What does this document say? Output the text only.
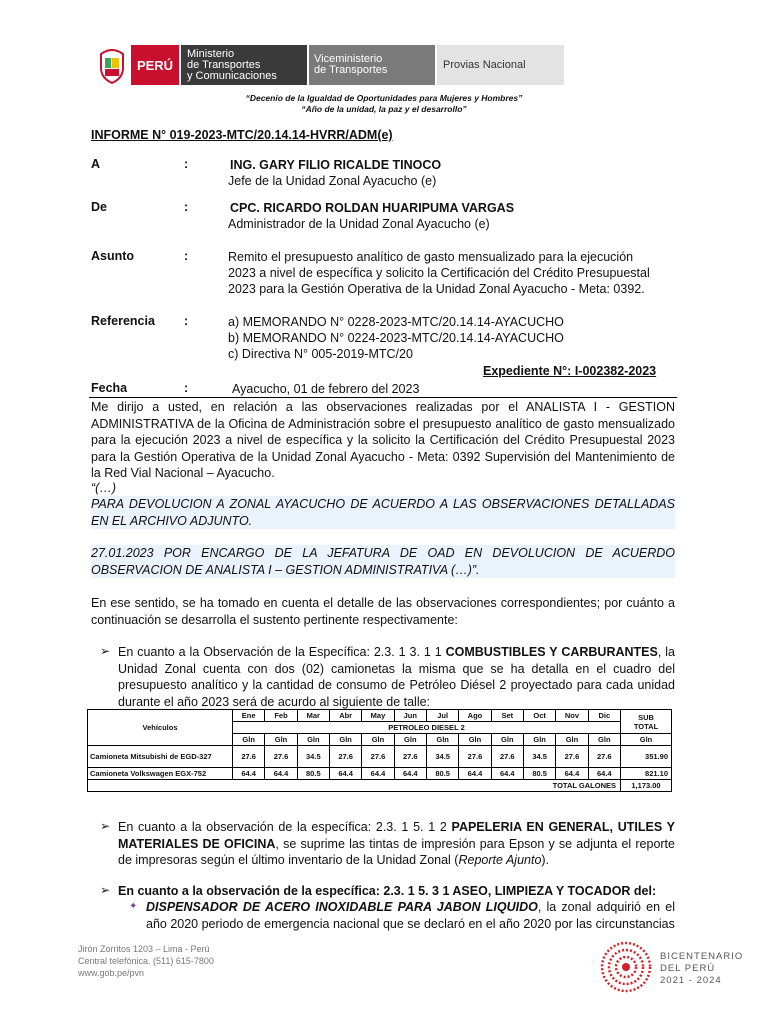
PERÚ
Ministerio
de Transportes
y Comunicaciones
Viceministerio
de Transportes	Provias Nacional
“Decenio de la Igualdad de Oportunidades para Mujeres y Hombres”
“Año de la unidad, la paz y el desarrollo”
INFORME N° 019-2023-MTC/20.14.14-HVRR/ADM(e)
A	:	ING. GARY FILIO RICALDE TINOCO
Jefe de la Unidad Zonal Ayacucho (e)
De	:	CPC. RICARDO ROLDAN HUARIPUMA VARGAS
Administrador de la Unidad Zonal Ayacucho (e)
Asunto	:	Remito el presupuesto analítico de gasto mensualizado para la ejecución
2023 a nivel de específica y solicito la Certificación del Crédito Presupuestal
2023 para la Gestión Operativa de la Unidad Zonal Ayacucho - Meta: 0392.
Referencia :	a) MEMORANDO N° 0228-2023-MTC/20.14.14-AYACUCHO
b) MEMORANDO N° 0224-2023-MTC/20.14.14-AYACUCHO
c) Directiva N° 005-2019-MTC/20
Expediente N°: I-002382-2023
Fecha	:	Ayacucho, 01 de febrero del 2023
Me dirijo a usted, en relación a las observaciones realizadas por el ANALISTA I - GESTION ADMINISTRATIVA de la Oficina de Administración sobre el presupuesto analítico de gasto mensualizado para la ejecución 2023 a nivel de específica y la solicito la Certificación del Crédito Presupuestal 2023 para la Gestión Operativa de la Unidad Zonal Ayacucho - Meta: 0392 Supervisión del Mantenimiento de la Red Vial Nacional – Ayacucho.
“(…)
PARA DEVOLUCION A ZONAL AYACUCHO DE ACUERDO A LAS OBSERVACIONES DETALLADAS EN EL ARCHIVO ADJUNTO.
27.01.2023 POR ENCARGO DE LA JEFATURA DE OAD EN DEVOLUCION DE ACUERDO OBSERVACION DE ANALISTA I – GESTION ADMINISTRATIVA (…)”.
En ese sentido, se ha tomado en cuenta el detalle de las observaciones correspondientes; por cuánto a continuación se desarrolla el sustento pertinente respectivamente:
➢ En cuanto a la Observación de la Específica: 2.3. 1 3. 1 1 COMBUSTIBLES Y CARBURANTES, la Unidad Zonal cuenta con dos (02) camionetas la misma que se ha detalla en el cuadro del presupuesto analítico y la cantidad de consumo de Petróleo Diésel 2 proyectado para cada unidad durante el año 2023 será de acurdo al siguiente de talle:
Vehículos	Ene	Feb	Mar	Abr	May	Jun	Jul	Ago	Set	Oct	Nov	Dic	SUB
TOTAL

	PETROLEO DIESEL 2												
	Gln	Gln	Gln	Gln	Gln	Gln	Gln	Gln	Gln	Gln	Gln	Gln	Gln
Camioneta Mitsubishi de EGD-327	27.6	27.6	34.5	27.6	27.6	27.6	34.5	27.6	27.6	34.5	27.6	27.6	351.90
Camioneta Volkswagen EGX-752	64.4	64.4	80.5	64.4	64.4	64.4	80.5	64.4	64.4	80.5	64.4	64.4	821.10
TOTAL GALONES													1,173.00
➢ En cuanto a la observación de la específica: 2.3. 1 5. 1 2 PAPELERIA EN GENERAL, UTILES Y MATERIALES DE OFICINA, se suprime las tintas de impresión para Epson y se adjunta el reporte de impresoras según el último inventario de la Unidad Zonal (Reporte Ajunto).
➢ En cuanto a la observación de la específica: 2.3. 1 5. 3 1 ASEO, LIMPIEZA Y TOCADOR del:
✦ DISPENSADOR DE ACERO INOXIDABLE PARA JABON LIQUIDO, la zonal adquirió en el año 2020 periodo de emergencia nacional que se declaró en el año 2020 por las circunstancias
Jirón Zorritos 1203 – Lima - Perú
Central telefónica. (511) 615-7800
www.gob.pe/pvn
BICENTENARIO
DEL PERÚ
2021 - 2024
